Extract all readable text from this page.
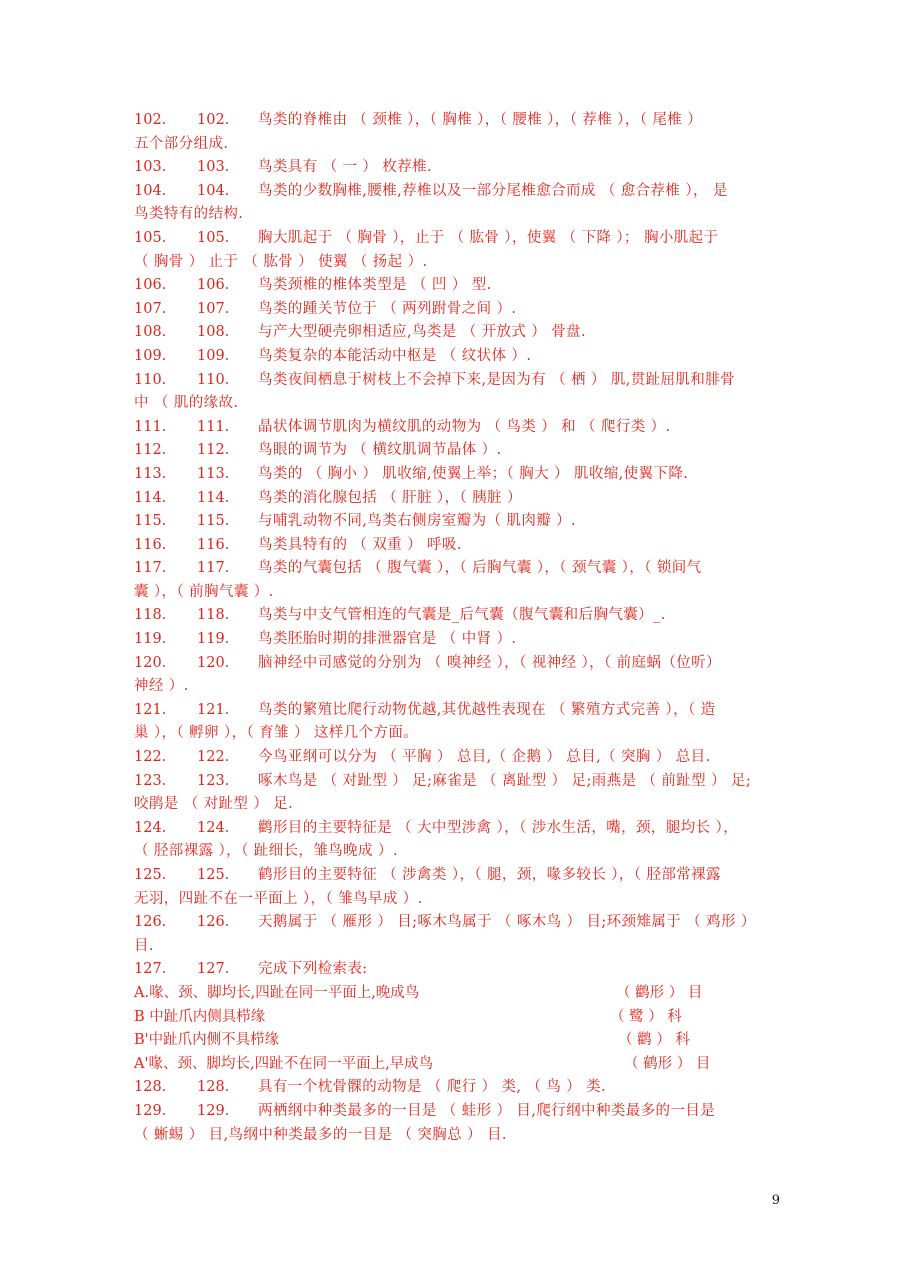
102. 102. 鸟类的脊椎由 （ 颈椎 ），（ 胸椎 ），（ 腰椎 ），（ 荐椎 ），（ 尾椎 ）
五个部分组成.
103. 103. 鸟类具有 （ 一 ） 枚荐椎.
104. 104. 鸟类的少数胸椎,腰椎,荐椎以及一部分尾椎愈合而成 （ 愈合荐椎 ）， 是
鸟类特有的结构.
105. 105. 胸大肌起于 （ 胸骨 ），止于 （ 肱骨 ），使翼 （ 下降 ）； 胸小肌起于
（ 胸骨 ） 止于 （ 肱骨 ） 使翼 （ 扬起 ）.
106. 106. 鸟类颈椎的椎体类型是 （ 凹 ） 型.
107. 107. 鸟类的踵关节位于 （ 两列跗骨之间 ）.
108. 108. 与产大型硬壳卵相适应,鸟类是 （ 开放式 ） 骨盘.
109. 109. 鸟类复杂的本能活动中枢是 （ 纹状体 ）.
110. 110. 鸟类夜间栖息于树枝上不会掉下来,是因为有 （ 栖 ） 肌,贯趾屈肌和腓骨
中 （ 肌的缘故.
111. 111. 晶状体调节肌肉为横纹肌的动物为 （ 鸟类 ） 和 （ 爬行类 ）.
112. 112. 鸟眼的调节为 （ 横纹肌调节晶体 ）.
113. 113. 鸟类的 （ 胸小 ） 肌收缩,使翼上举；（ 胸大 ） 肌收缩,使翼下降.
114. 114. 鸟类的消化腺包括 （ 肝脏 ），（ 胰脏 ）
115. 115. 与哺乳动物不同,鸟类右侧房室瓣为（ 肌肉瓣 ）.
116. 116. 鸟类具特有的 （ 双重 ） 呼吸.
117. 117. 鸟类的气囊包括 （ 腹气囊 ），（ 后胸气囊 ），（ 颈气囊 ），（ 锁间气
囊 ），（ 前胸气囊 ）.
118. 118. 鸟类与中支气管相连的气囊是_后气囊（腹气囊和后胸气囊）_.
119. 119. 鸟类胚胎时期的排泄器官是 （ 中肾 ）.
120. 120. 脑神经中司感觉的分别为 （ 嗅神经 ），（ 视神经 ），（ 前庭蜗（位听）
神经 ）.
121. 121. 鸟类的繁殖比爬行动物优越,其优越性表现在 （ 繁殖方式完善 ），（ 造
巢 ），（ 孵卵 ），（ 育雏 ） 这样几个方面。
122. 122. 今鸟亚纲可以分为 （ 平胸 ） 总目,（ 企鹅 ） 总目,（ 突胸 ） 总目.
123. 123. 啄木鸟是 （ 对趾型 ） 足;麻雀是 （ 离趾型 ） 足;雨燕是 （ 前趾型 ） 足;
咬鹃是 （ 对趾型 ） 足.
124. 124. 鹳形目的主要特征是 （ 大中型涉禽 ），（ 涉水生活，嘴，颈，腿均长 ），
（ 胫部裸露 ），（ 趾细长，雏鸟晚成 ）.
125. 125. 鹤形目的主要特征 （ 涉禽类 ），（ 腿，颈，喙多较长 ），（ 胫部常裸露
无羽，四趾不在一平面上 ），（ 雏鸟早成 ）.
126. 126. 天鹅属于 （ 雁形 ） 目;啄木鸟属于 （ 啄木鸟 ） 目;环颈雉属于 （ 鸡形 ）
目.
127. 127. 完成下列检索表:
A.喙、颈、脚均长,四趾在同一平面上,晚成鸟	（ 鹳形 ） 目
B 中趾爪内侧具栉缘	（ 鹭 ） 科
B'中趾爪内侧不具栉缘	（ 鹳 ） 科
A'喙、颈、脚均长,四趾不在同一平面上,早成鸟	（ 鹤形 ） 目
128. 128. 具有一个枕骨髁的动物是 （ 爬行 ） 类, （ 鸟 ） 类.
129. 129. 两栖纲中种类最多的一目是 （ 蛙形 ） 目,爬行纲中种类最多的一目是
（ 蜥蜴 ） 目,鸟纲中种类最多的一目是 （ 突胸总 ） 目.
9
